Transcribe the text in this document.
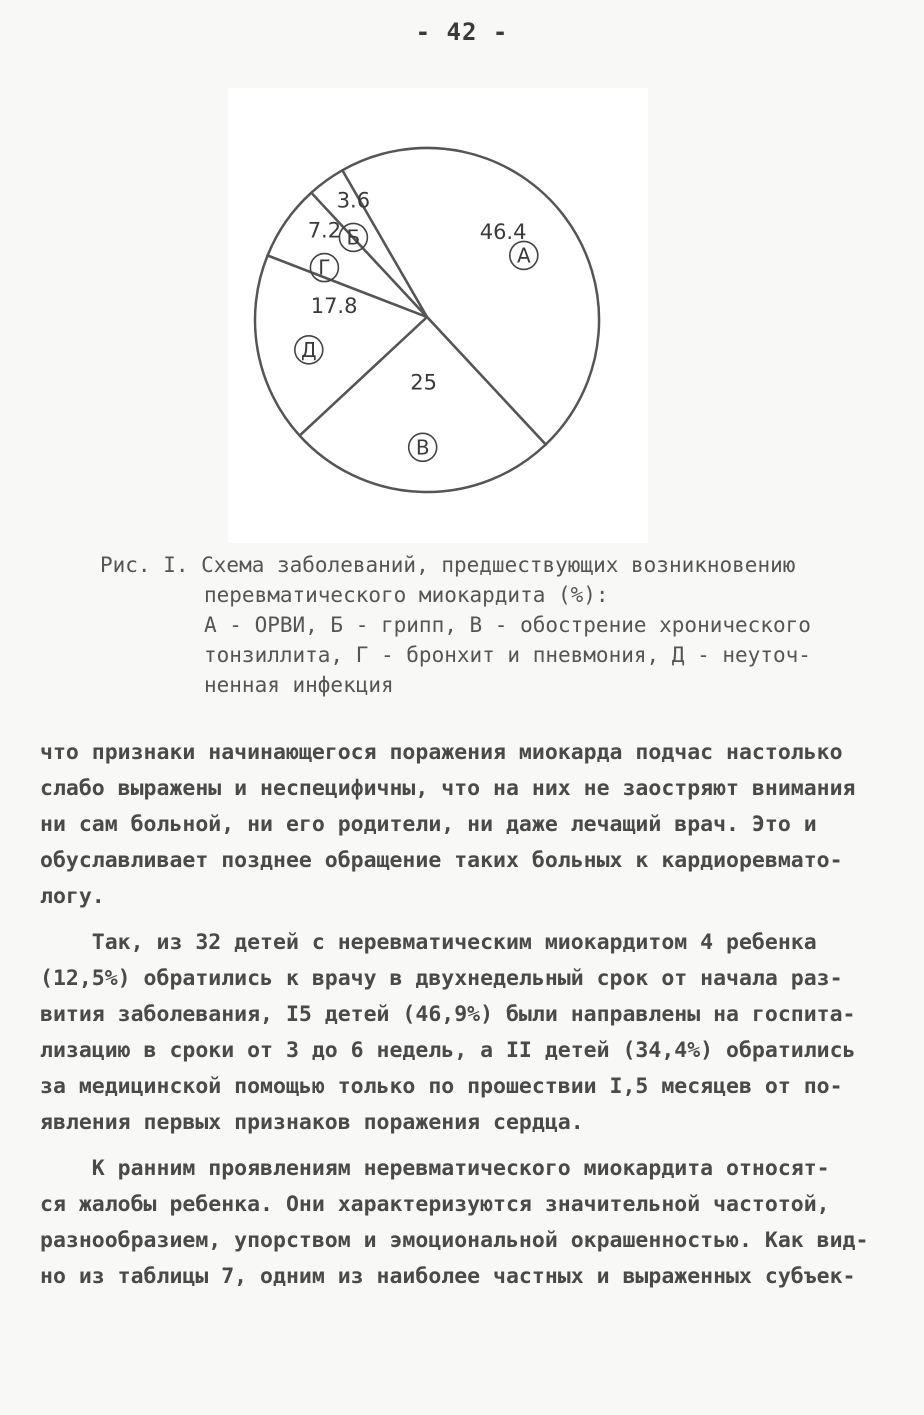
- 42 -
46.4
А
25
В
17.8
Д
7.2
Г
3.6
Б
Рис. I. Схема заболеваний, предшествующих возникновению
перевматического миокардита (%):
А - ОРВИ, Б - грипп, В - обострение хронического
тонзиллита, Г - бронхит и пневмония, Д - неуточ-
ненная инфекция
что признаки начинающегося поражения миокарда подчас настолько
слабо выражены и неспецифичны, что на них не заостряют внимания
ни сам больной, ни его родители, ни даже лечащий врач. Это и
обуславливает позднее обращение таких больных к кардиоревмато-
логу.
Так, из 32 детей с неревматическим миокардитом 4 ребенка
(12,5%) обратились к врачу в двухнедельный срок от начала раз-
вития заболевания, I5 детей (46,9%) были направлены на госпита-
лизацию в сроки от 3 до 6 недель, а II детей (34,4%) обратились
за медицинской помощью только по прошествии I,5 месяцев от по-
явления первых признаков поражения сердца.
К ранним проявлениям неревматического миокардита относят-
ся жалобы ребенка. Они характеризуются значительной частотой,
разнообразием, упорством и эмоциональной окрашенностью. Как вид-
но из таблицы 7, одним из наиболее частных и выраженных субъек-
